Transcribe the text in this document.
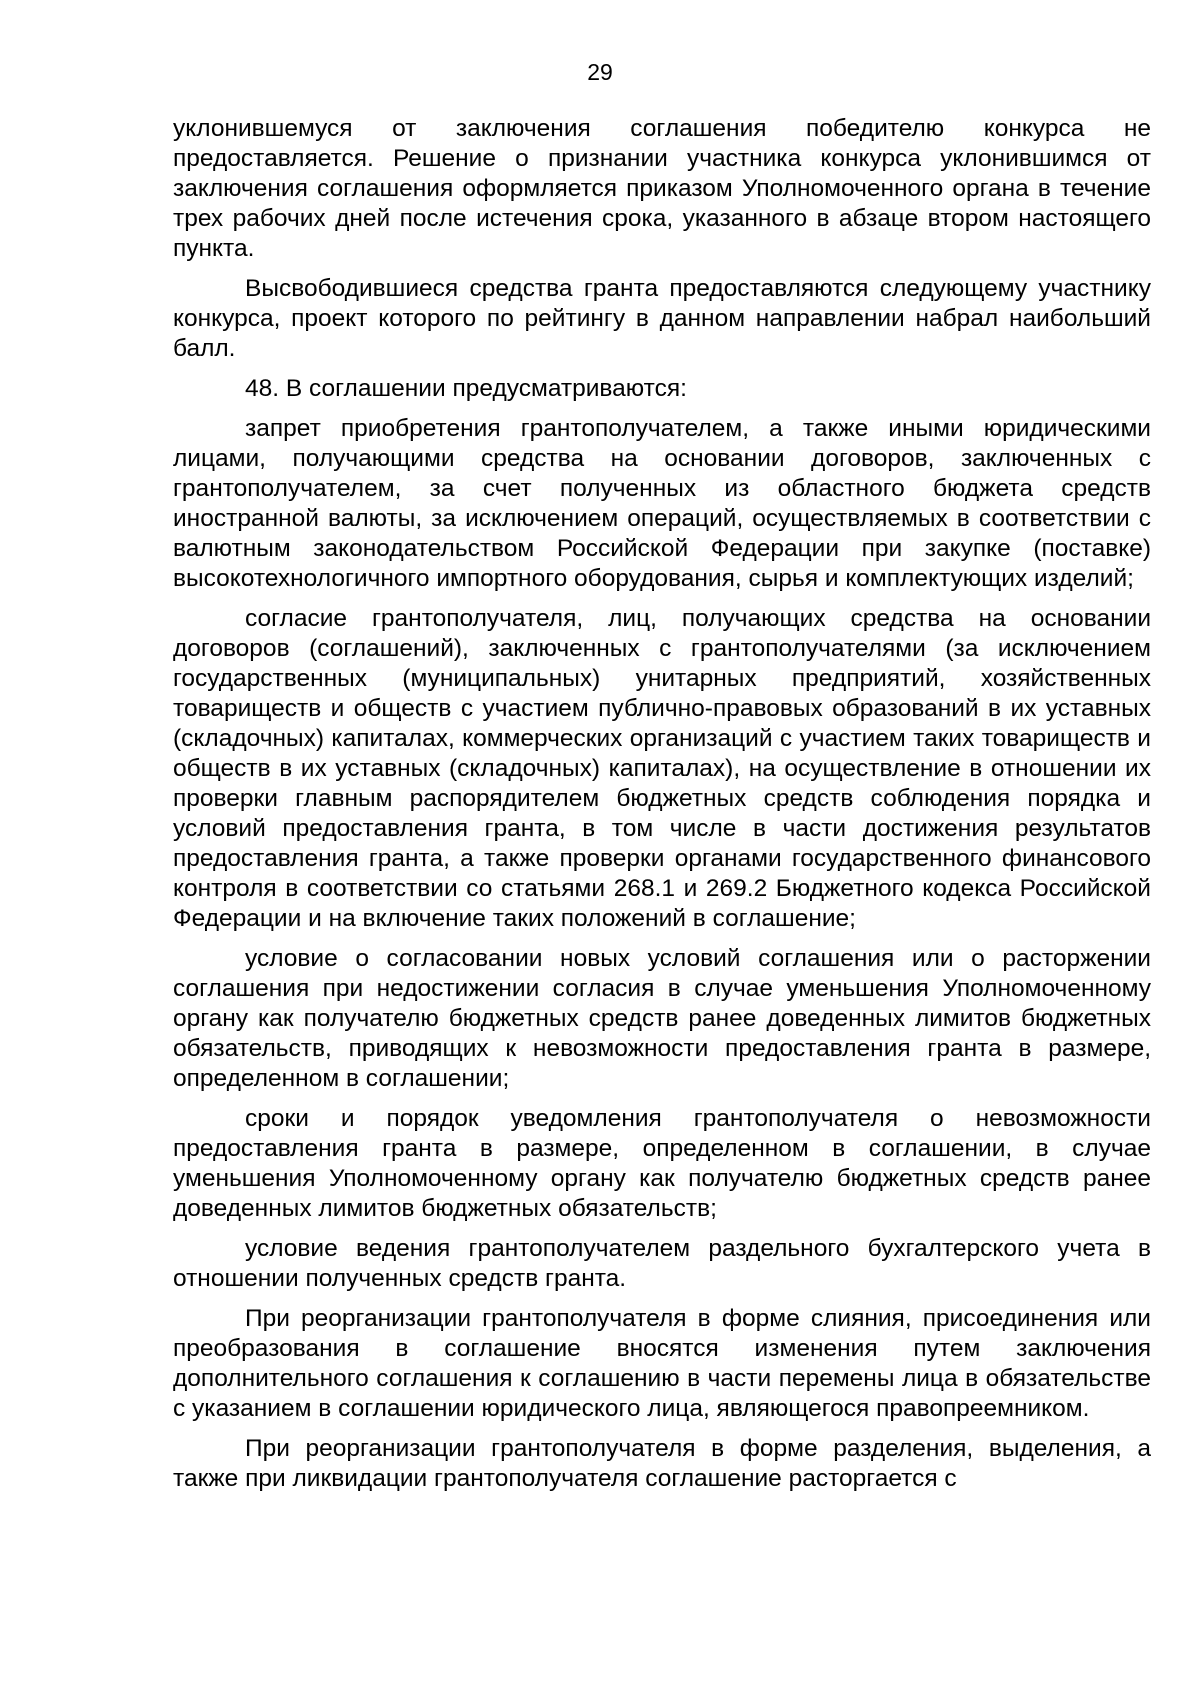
29

уклонившемуся от заключения соглашения победителю конкурса не предоставляется. Решение о признании участника конкурса уклонившимся от заключения соглашения оформляется приказом Уполномоченного органа в течение трех рабочих дней после истечения срока, указанного в абзаце втором настоящего пункта.

Высвободившиеся средства гранта предоставляются следующему участнику конкурса, проект которого по рейтингу в данном направлении набрал наибольший балл.

48. В соглашении предусматриваются:

запрет приобретения грантополучателем, а также иными юридическими лицами, получающими средства на основании договоров, заключенных с грантополучателем, за счет полученных из областного бюджета средств иностранной валюты, за исключением операций, осуществляемых в соответствии с валютным законодательством Российской Федерации при закупке (поставке) высокотехнологичного импортного оборудования, сырья и комплектующих изделий;

согласие грантополучателя, лиц, получающих средства на основании договоров (соглашений), заключенных с грантополучателями (за исключением государственных (муниципальных) унитарных предприятий, хозяйственных товариществ и обществ с участием публично-правовых образований в их уставных (складочных) капиталах, коммерческих организаций с участием таких товариществ и обществ в их уставных (складочных) капиталах), на осуществление в отношении их проверки главным распорядителем бюджетных средств соблюдения порядка и условий предоставления гранта, в том числе в части достижения результатов предоставления гранта, а также проверки органами государственного финансового контроля в соответствии со статьями 268.1 и 269.2 Бюджетного кодекса Российской Федерации и на включение таких положений в соглашение;

условие о согласовании новых условий соглашения или о расторжении соглашения при недостижении согласия в случае уменьшения Уполномоченному органу как получателю бюджетных средств ранее доведенных лимитов бюджетных обязательств, приводящих к невозможности предоставления гранта в размере, определенном в соглашении;

сроки и порядок уведомления грантополучателя о невозможности предоставления гранта в размере, определенном в соглашении, в случае уменьшения Уполномоченному органу как получателю бюджетных средств ранее доведенных лимитов бюджетных обязательств;

условие ведения грантополучателем раздельного бухгалтерского учета в отношении полученных средств гранта.

При реорганизации грантополучателя в форме слияния, присоединения или преобразования в соглашение вносятся изменения путем заключения дополнительного соглашения к соглашению в части перемены лица в обязательстве с указанием в соглашении юридического лица, являющегося правопреемником.

При реорганизации грантополучателя в форме разделения, выделения, а также при ликвидации грантополучателя соглашение расторгается с
